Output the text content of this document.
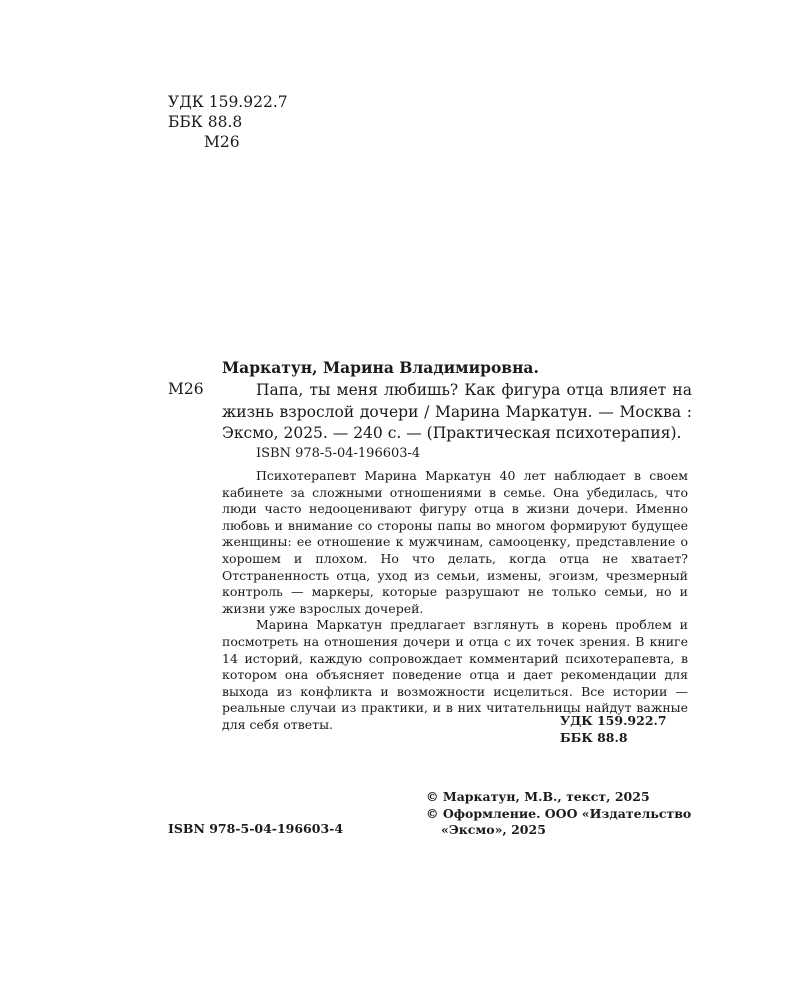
УДК 159.922.7
ББК 88.8
М26
Маркатун, Марина Владимировна.
М26	Папа, ты меня любишь? Как фигура отца влияет на жизнь взрослой дочери / Марина Маркатун. — Москва : Эксмо, 2025. — 240 с. — (Практическая психотерапия).
ISBN 978-5-04-196603-4

Психотерапевт Марина Маркатун 40 лет наблюдает в своем кабинете за сложными отношениями в семье. Она убедилась, что люди часто недооценивают фигуру отца в жизни дочери. Именно любовь и внимание со стороны папы во многом формируют будущее женщины: ее отношение к мужчинам, самооценку, представление о хорошем и плохом. Но что делать, когда отца не хватает? Отстраненность отца, уход из семьи, измены, эгоизм, чрезмерный контроль — маркеры, которые разрушают не только семьи, но и жизни уже взрослых дочерей.

Марина Маркатун предлагает взглянуть в корень проблем и посмотреть на отношения дочери и отца с их точек зрения. В книге 14 историй, каждую сопровождает комментарий психотерапевта, в котором она объясняет поведение отца и дает рекомендации для выхода из конфликта и возможности исцелиться. Все истории — реальные случаи из практики, и в них читательницы найдут важные для себя ответы.	УДК 159.922.7
ББК 88.8

© Маркатун, М.В., текст, 2025

© Оформление. ООО «Издательство

«Эксмо», 2025

ISBN 978-5-04-196603-4
